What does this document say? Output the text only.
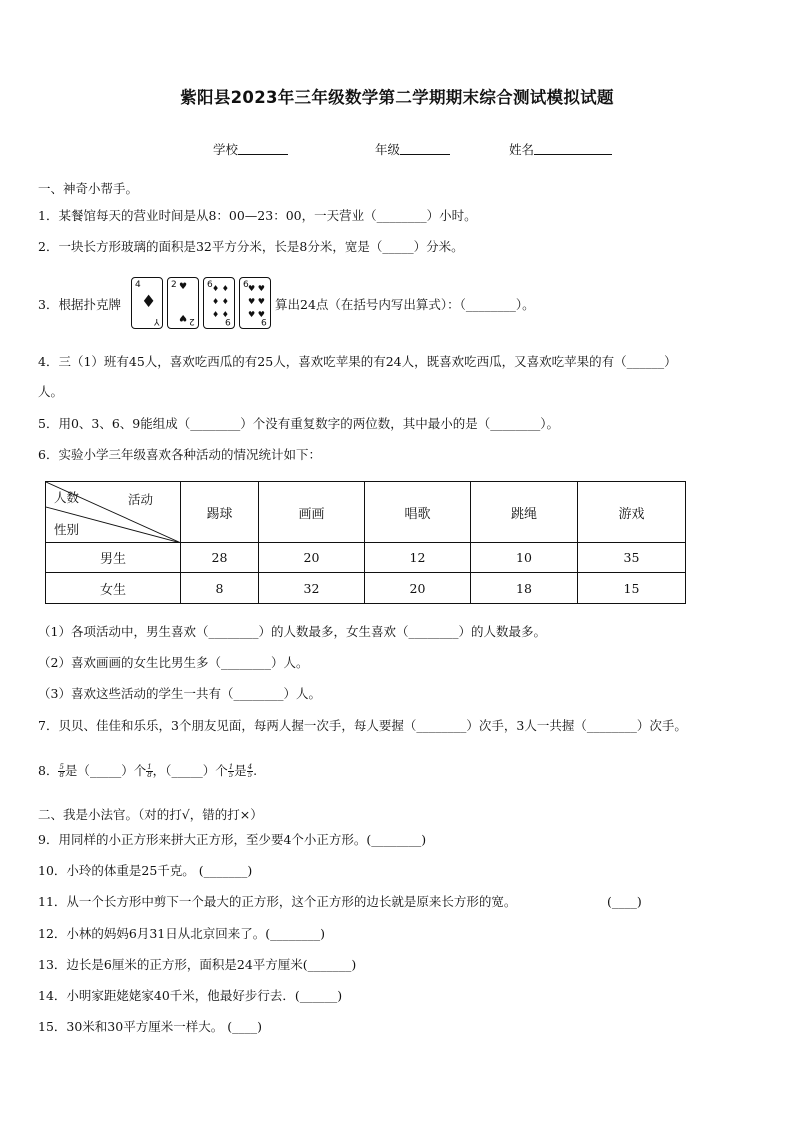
紫阳县2023年三年级数学第二学期期末综合测试模拟试题
学校	年级	姓名
一、神奇小帮手。
1．某餐馆每天的营业时间是从8：00—23：00，一天营业（________）小时。
2．一块长方形玻璃的面积是32平方分米，长是8分米，宽是（_____）分米。
3．根据扑克牌
4
♦
Y
2 ♥
♥ 2
6 ♦ ♦
♦ ♦
♦ ♦
9
6 ♥ ♥
♥ ♥
♥ ♥
9
算出24点（在括号内写出算式）：（________）。
4．三（1）班有45人，喜欢吃西瓜的有25人，喜欢吃苹果的有24人，既喜欢吃西瓜，又喜欢吃苹果的有（______）
人。
5．用0、3、6、9能组成（________）个没有重复数字的两位数，其中最小的是（________）。
6．实验小学三年级喜欢各种活动的情况统计如下：
人数 活动
性别	踢球	画画	唱歌	跳绳	游戏
男生	28	20	12	10	35
女生	8	32	20	18	15
（1）各项活动中，男生喜欢（________）的人数最多，女生喜欢（________）的人数最多。
（2）喜欢画画的女生比男生多（________）人。
（3）喜欢这些活动的学生一共有（________）人。
7．贝贝、佳佳和乐乐，3个朋友见面，每两人握一次手，每人要握（________）次手，3人一共握（________）次手。
8． $\frac{5}{8}$ 是（_____）个 $\frac{1}{8}$ ，（_____）个 $\frac{1}{5}$ 是 $\frac{4}{5}$ .
二、我是小法官。（对的打√，错的打×）
9．用同样的小正方形来拼大正方形，至少要4个小正方形。(________)
10．小玲的体重是25千克。 (_______)
11．从一个长方形中剪下一个最大的正方形，这个正方形的边长就是原来长方形的宽。	(____)
12．小林的妈妈6月31日从北京回来了。(________)
13．边长是6厘米的正方形，面积是24平方厘米(_______)
14．小明家距姥姥家40千米，他最好步行去．(______)
15．30米和30平方厘米一样大。 (____)
